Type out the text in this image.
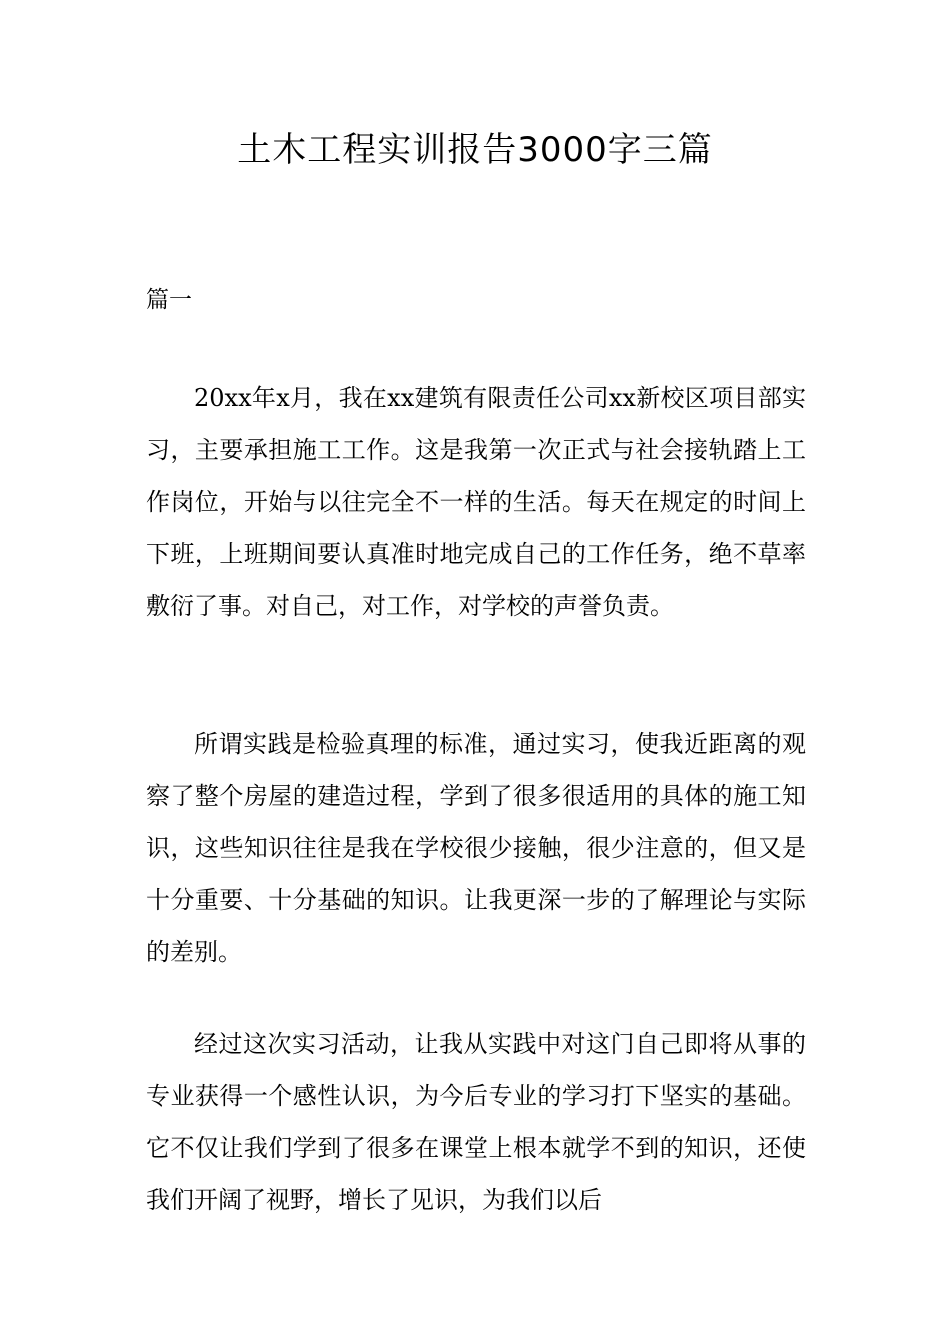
土木工程实训报告3000字三篇
篇一

20xx年x月，我在xx建筑有限责任公司xx新校区项目部实习，主要承担施工工作。这是我第一次正式与社会接轨踏上工作岗位，开始与以往完全不一样的生活。每天在规定的时间上下班，上班期间要认真准时地完成自己的工作任务，绝不草率敷衍了事。对自己，对工作，对学校的声誉负责。

所谓实践是检验真理的标准，通过实习，使我近距离的观察了整个房屋的建造过程，学到了很多很适用的具体的施工知识，这些知识往往是我在学校很少接触，很少注意的，但又是十分重要、十分基础的知识。让我更深一步的了解理论与实际的差别。

经过这次实习活动，让我从实践中对这门自己即将从事的专业获得一个感性认识，为今后专业的学习打下坚实的基础。它不仅让我们学到了很多在课堂上根本就学不到的知识，还使我们开阔了视野，增长了见识，为我们以后
